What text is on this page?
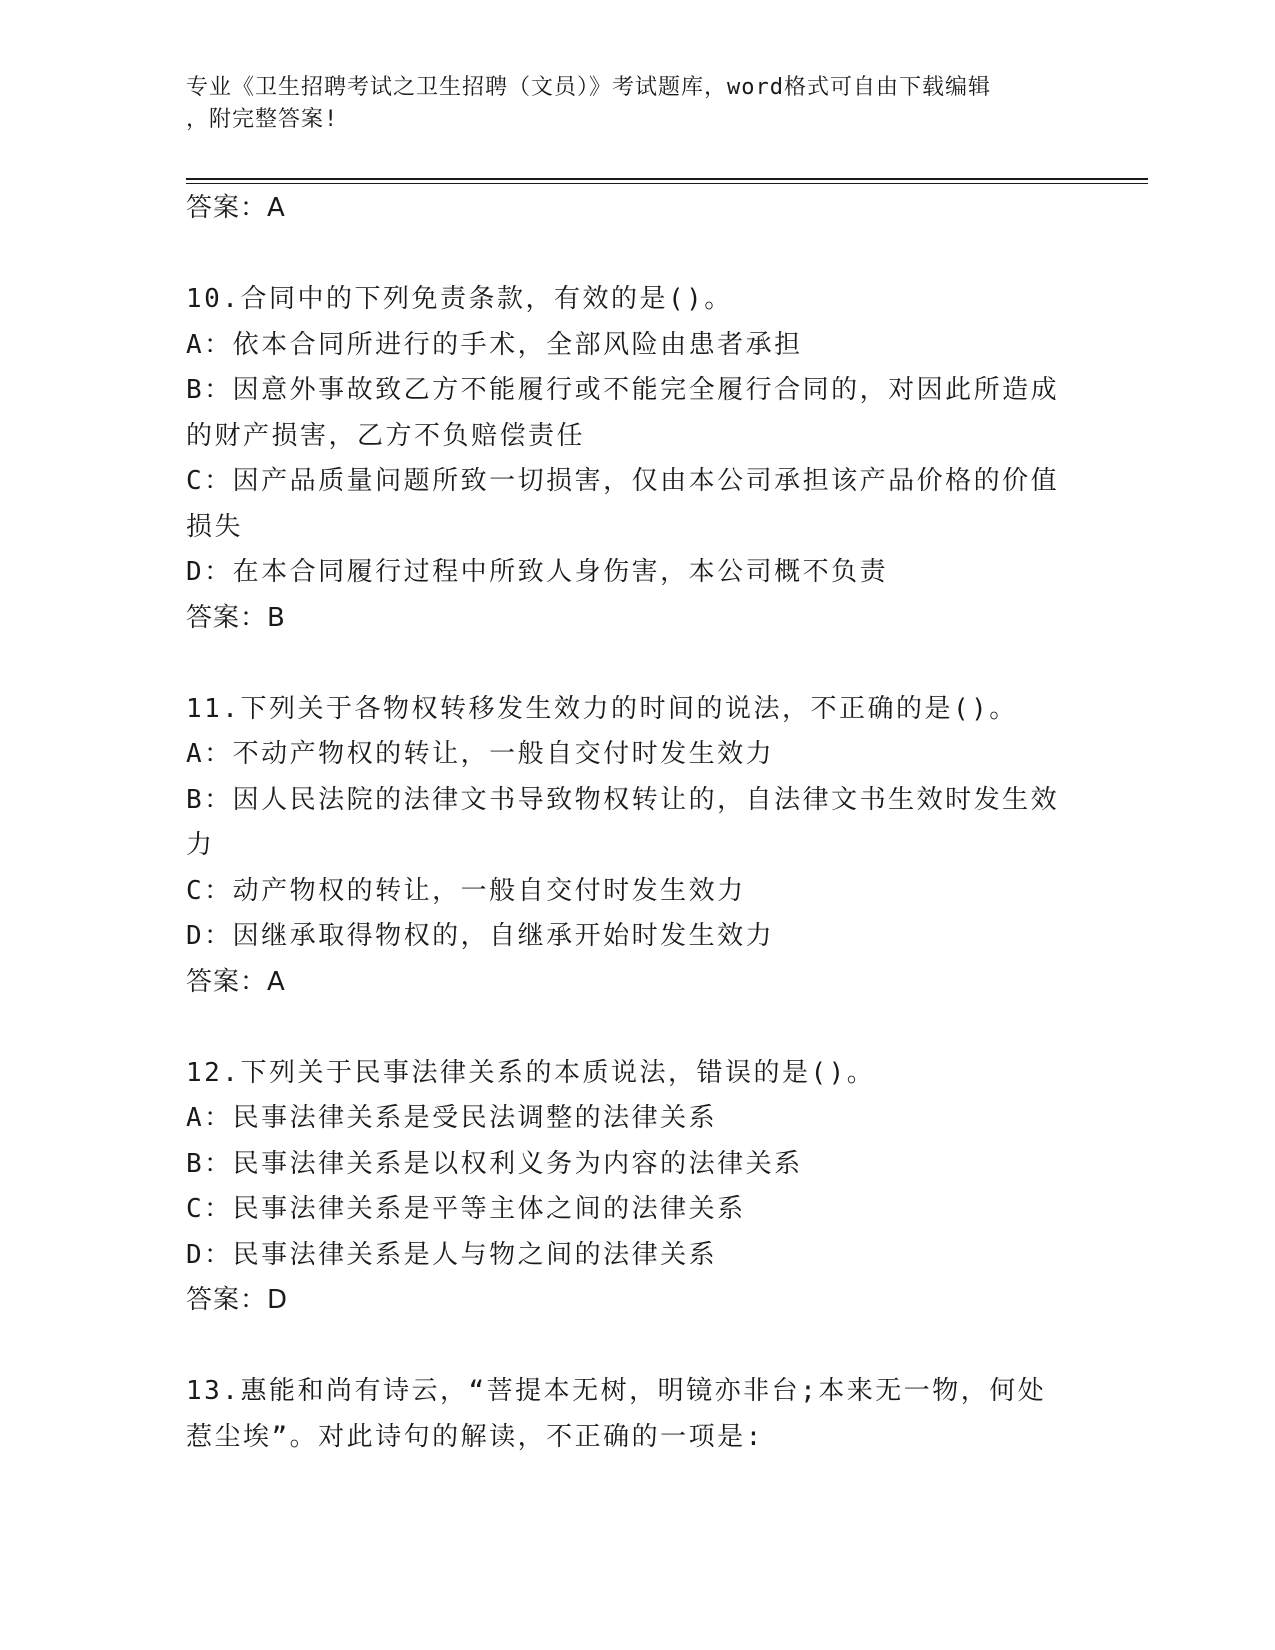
专业《卫生招聘考试之卫生招聘（文员）》考试题库，word格式可自由下载编辑
，附完整答案!
答案：A
10.合同中的下列免责条款，有效的是()。
A：依本合同所进行的手术，全部风险由患者承担
B：因意外事故致乙方不能履行或不能完全履行合同的，对因此所造成
的财产损害，乙方不负赔偿责任
C：因产品质量问题所致一切损害，仅由本公司承担该产品价格的价值
损失
D：在本合同履行过程中所致人身伤害，本公司概不负责
答案：B
11.下列关于各物权转移发生效力的时间的说法，不正确的是()。
A：不动产物权的转让，一般自交付时发生效力
B：因人民法院的法律文书导致物权转让的，自法律文书生效时发生效
力
C：动产物权的转让，一般自交付时发生效力
D：因继承取得物权的，自继承开始时发生效力
答案：A
12.下列关于民事法律关系的本质说法，错误的是()。
A：民事法律关系是受民法调整的法律关系
B：民事法律关系是以权利义务为内容的法律关系
C：民事法律关系是平等主体之间的法律关系
D：民事法律关系是人与物之间的法律关系
答案：D
13.惠能和尚有诗云，“菩提本无树，明镜亦非台;本来无一物，何处
惹尘埃”。对此诗句的解读，不正确的一项是:
